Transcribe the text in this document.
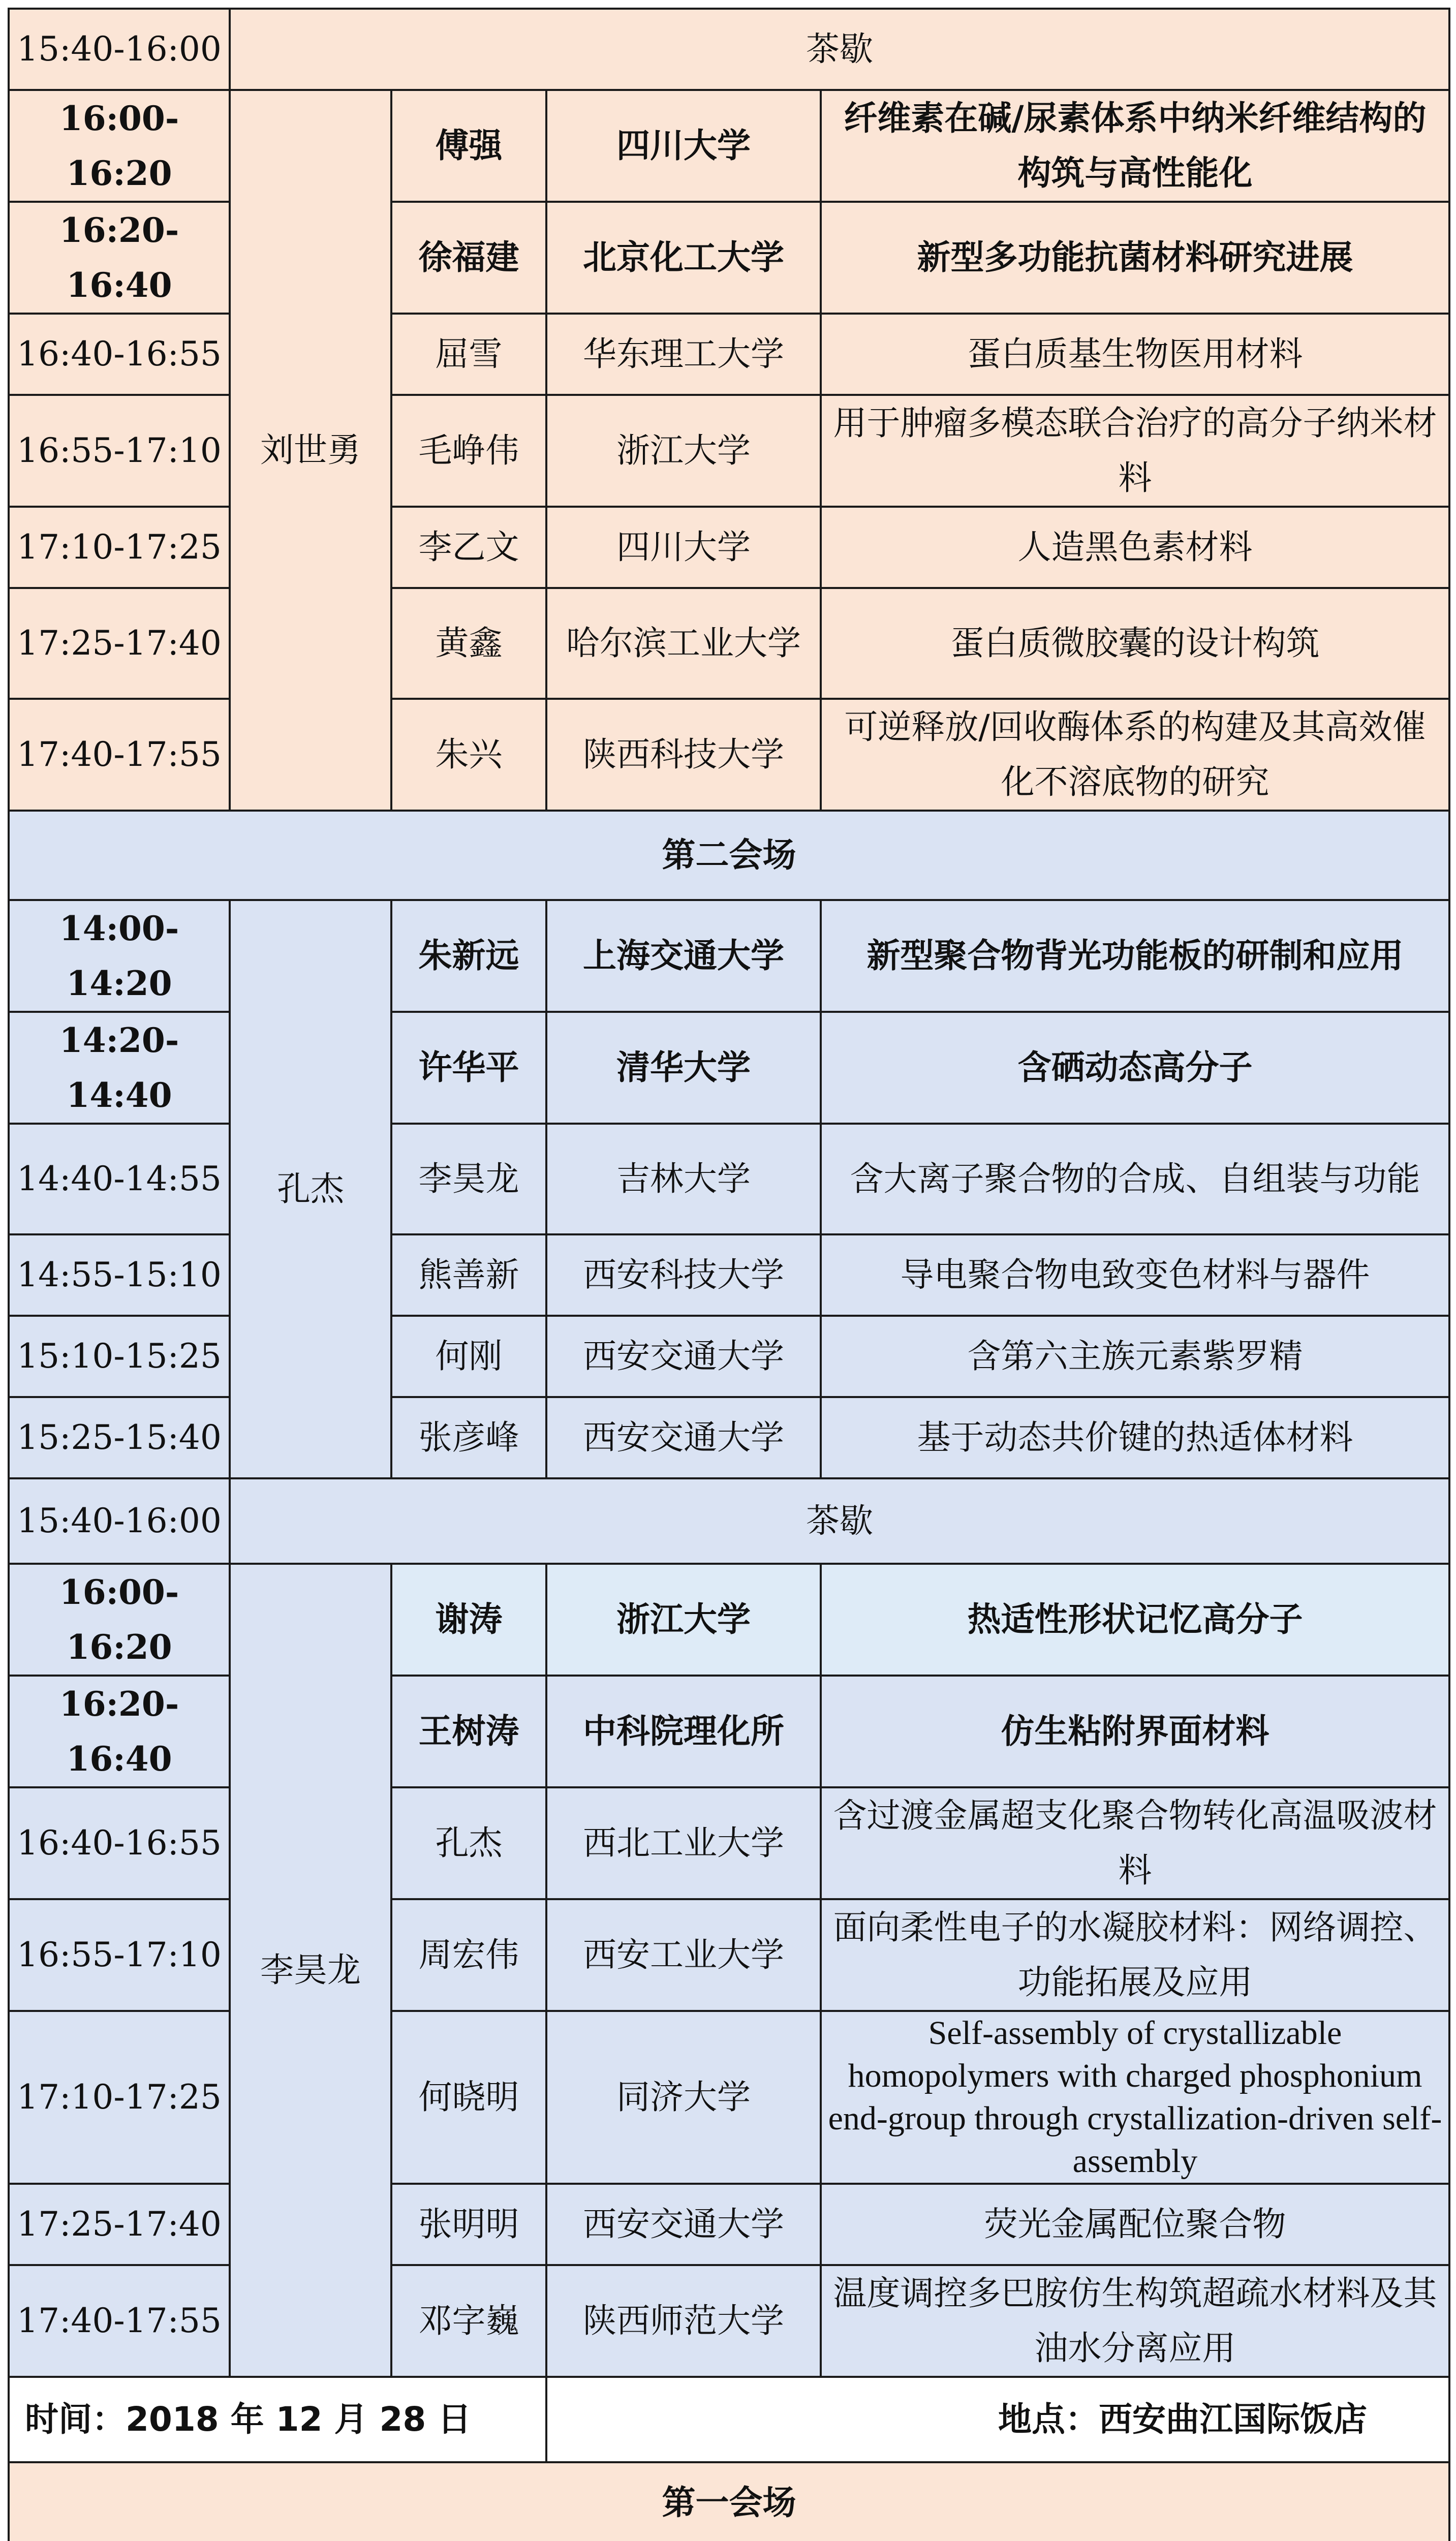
15:40-16:00	茶歇			
16:00-16:20	刘世勇	傅强	四川大学	纤维素在碱/尿素体系中纳米纤维结构的构筑与高性能化
16:20-16:40		徐福建	北京化工大学	新型多功能抗菌材料研究进展
16:40-16:55		屈雪	华东理工大学	蛋白质基生物医用材料
16:55-17:10		毛峥伟	浙江大学	用于肿瘤多模态联合治疗的高分子纳米材料
17:10-17:25		李乙文	四川大学	人造黑色素材料
17:25-17:40		黄鑫	哈尔滨工业大学	蛋白质微胶囊的设计构筑
17:40-17:55		朱兴	陕西科技大学	可逆释放/回收酶体系的构建及其高效催化不溶底物的研究
第二会场				
14:00-14:20	孔杰	朱新远	上海交通大学	新型聚合物背光功能板的研制和应用
14:20-14:40		许华平	清华大学	含硒动态高分子
14:40-14:55		李昊龙	吉林大学	含大离子聚合物的合成、自组装与功能
14:55-15:10		熊善新	西安科技大学	导电聚合物电致变色材料与器件
15:10-15:25		何刚	西安交通大学	含第六主族元素紫罗精
15:25-15:40		张彦峰	西安交通大学	基于动态共价键的热适体材料
15:40-16:00	茶歇			
16:00-16:20	李昊龙	谢涛	浙江大学	热适性形状记忆高分子
16:20-16:40		王树涛	中科院理化所	仿生粘附界面材料
16:40-16:55		孔杰	西北工业大学	含过渡金属超支化聚合物转化高温吸波材料
16:55-17:10		周宏伟	西安工业大学	面向柔性电子的水凝胶材料：网络调控、功能拓展及应用
17:10-17:25		何晓明	同济大学	Self-assembly of crystallizable homopolymers with charged phosphonium end-group through crystallization-driven self-assembly
17:25-17:40		张明明	西安交通大学	荧光金属配位聚合物
17:40-17:55		邓字巍	陕西师范大学	温度调控多巴胺仿生构筑超疏水材料及其油水分离应用
时间：2018 年 12 月 28 日			地点：西安曲江国际饭店	
第一会场				
